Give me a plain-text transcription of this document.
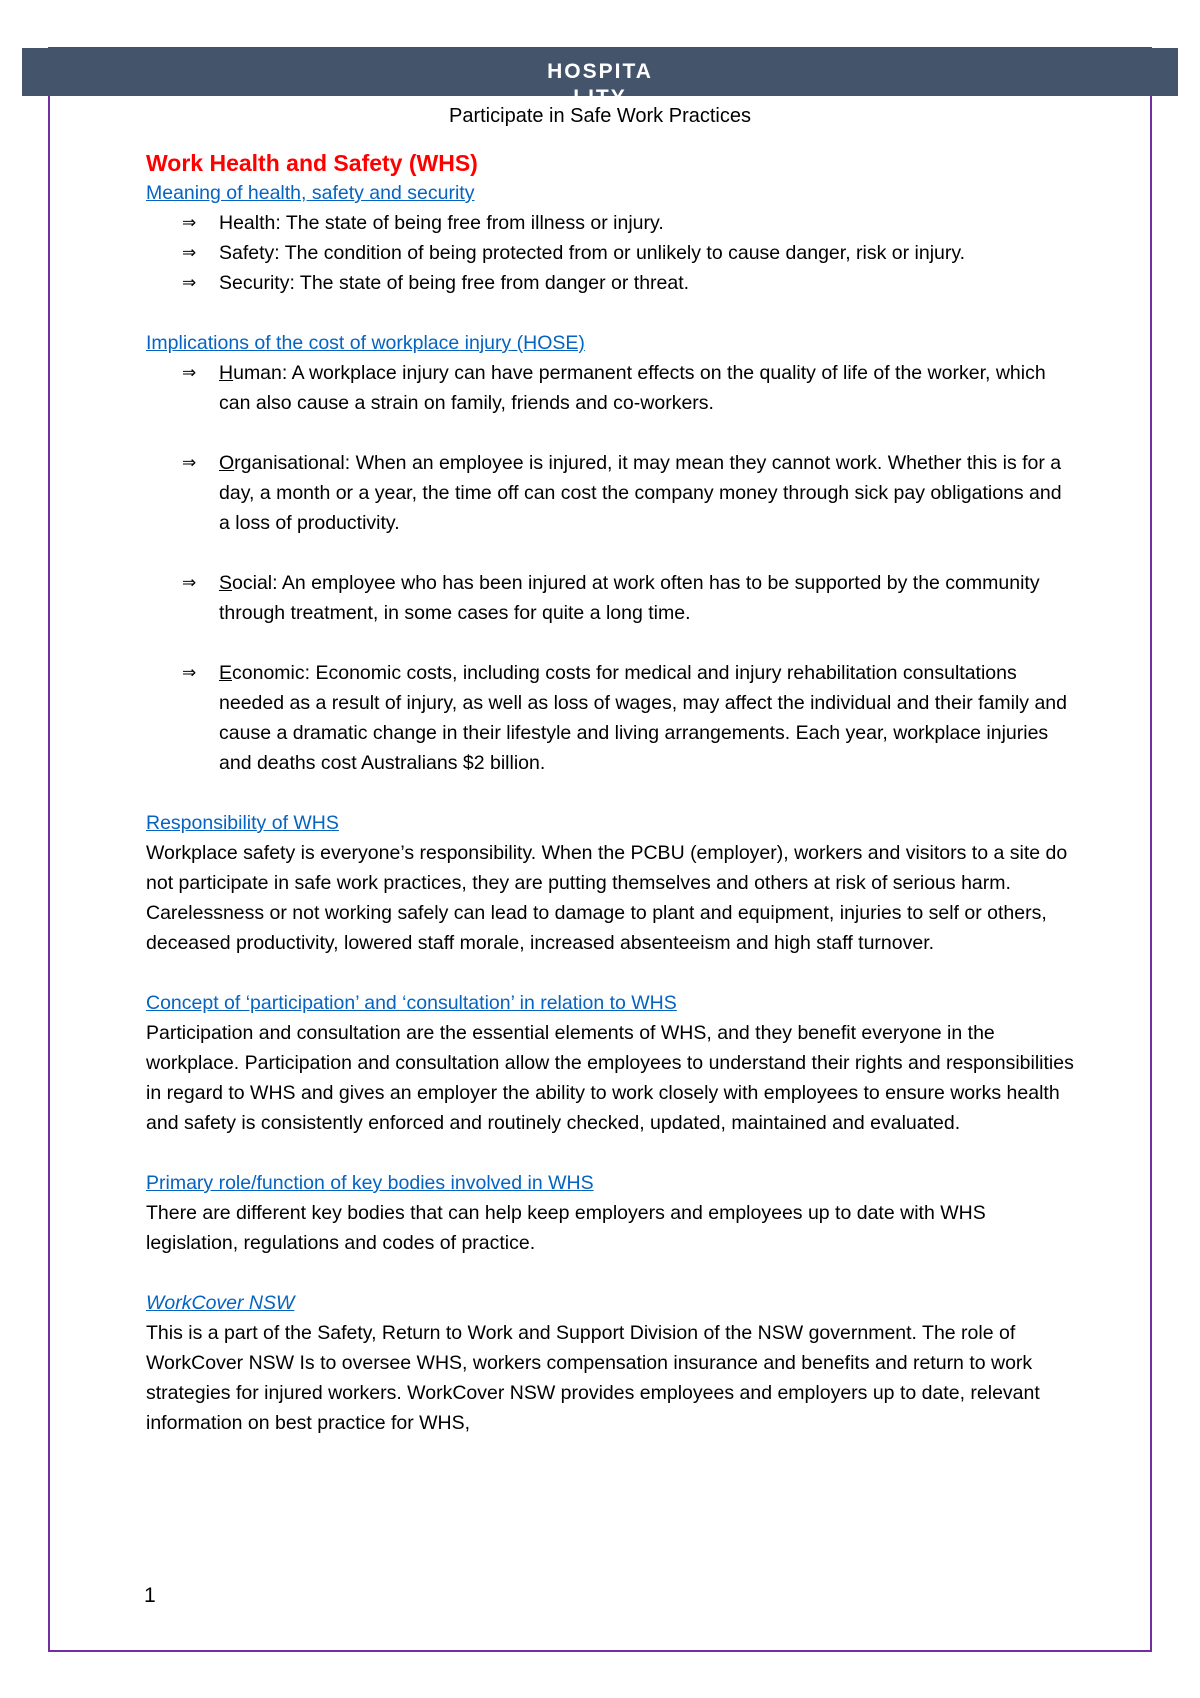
HOSPITA
LITY
Participate in Safe Work Practices
Work Health and Safety (WHS)
Meaning of health, safety and security
⇒ Health: The state of being free from illness or injury.
⇒ Safety: The condition of being protected from or unlikely to cause danger, risk or injury.
⇒ Security: The state of being free from danger or threat.
Implications of the cost of workplace injury (HOSE)
⇒ Human: A workplace injury can have permanent effects on the quality of life of the worker, which can also cause a strain on family, friends and co-workers.
⇒ Organisational: When an employee is injured, it may mean they cannot work. Whether this is for a day, a month or a year, the time off can cost the company money through sick pay obligations and a loss of productivity.
⇒ Social: An employee who has been injured at work often has to be supported by the community through treatment, in some cases for quite a long time.
⇒ Economic: Economic costs, including costs for medical and injury rehabilitation consultations needed as a result of injury, as well as loss of wages, may affect the individual and their family and cause a dramatic change in their lifestyle and living arrangements. Each year, workplace injuries and deaths cost Australians $2 billion.
Responsibility of WHS

Workplace safety is everyone’s responsibility. When the PCBU (employer), workers and visitors to a site do not participate in safe work practices, they are putting themselves and others at risk of serious harm. Carelessness or not working safely can lead to damage to plant and equipment, injuries to self or others, deceased productivity, lowered staff morale, increased absenteeism and high staff turnover.

Concept of ‘participation’ and ‘consultation’ in relation to WHS

Participation and consultation are the essential elements of WHS, and they benefit everyone in the workplace. Participation and consultation allow the employees to understand their rights and responsibilities in regard to WHS and gives an employer the ability to work closely with employees to ensure works health and safety is consistently enforced and routinely checked, updated, maintained and evaluated.

Primary role/function of key bodies involved in WHS

There are different key bodies that can help keep employers and employees up to date with WHS legislation, regulations and codes of practice.

WorkCover NSW

This is a part of the Safety, Return to Work and Support Division of the NSW government. The role of WorkCover NSW Is to oversee WHS, workers compensation insurance and benefits and return to work strategies for injured workers. WorkCover NSW provides employees and employers up to date, relevant information on best practice for WHS,

1
